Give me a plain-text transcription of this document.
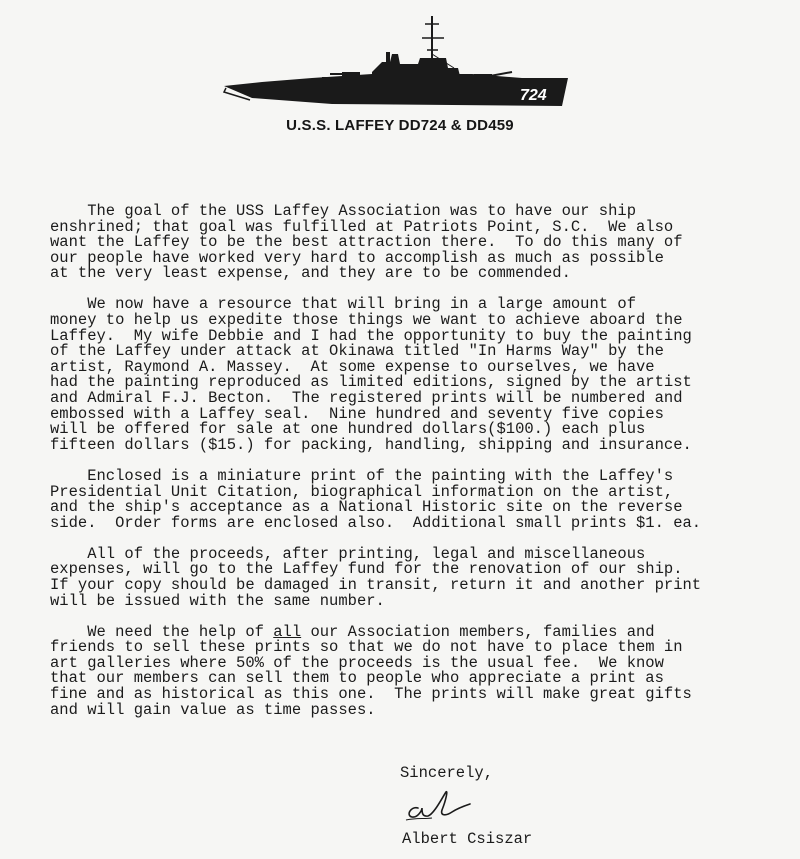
724
U.S.S. LAFFEY DD724 & DD459

The goal of the USS Laffey Association was to have our ship
enshrined; that goal was fulfilled at Patriots Point, S.C.  We also
want the Laffey to be the best attraction there.  To do this many of
our people have worked very hard to accomplish as much as possible
at the very least expense, and they are to be commended.

We now have a resource that will bring in a large amount of
money to help us expedite those things we want to achieve aboard the
Laffey.  My wife Debbie and I had the opportunity to buy the painting
of the Laffey under attack at Okinawa titled "In Harms Way" by the
artist, Raymond A. Massey.  At some expense to ourselves, we have
had the painting reproduced as limited editions, signed by the artist
and Admiral F.J. Becton.  The registered prints will be numbered and
embossed with a Laffey seal.  Nine hundred and seventy five copies
will be offered for sale at one hundred dollars($100.) each plus
fifteen dollars ($15.) for packing, handling, shipping and insurance.

Enclosed is a miniature print of the painting with the Laffey's
Presidential Unit Citation, biographical information on the artist,
and the ship's acceptance as a National Historic site on the reverse
side.  Order forms are enclosed also.  Additional small prints $1. ea.

All of the proceeds, after printing, legal and miscellaneous
expenses, will go to the Laffey fund for the renovation of our ship.
If your copy should be damaged in transit, return it and another print
will be issued with the same number.

We need the help of all our Association members, families and
friends to sell these prints so that we do not have to place them in
art galleries where 50% of the proceeds is the usual fee.  We know
that our members can sell them to people who appreciate a print as
fine and as historical as this one.  The prints will make great gifts
and will gain value as time passes.

Sincerely,
Albert Csiszar
